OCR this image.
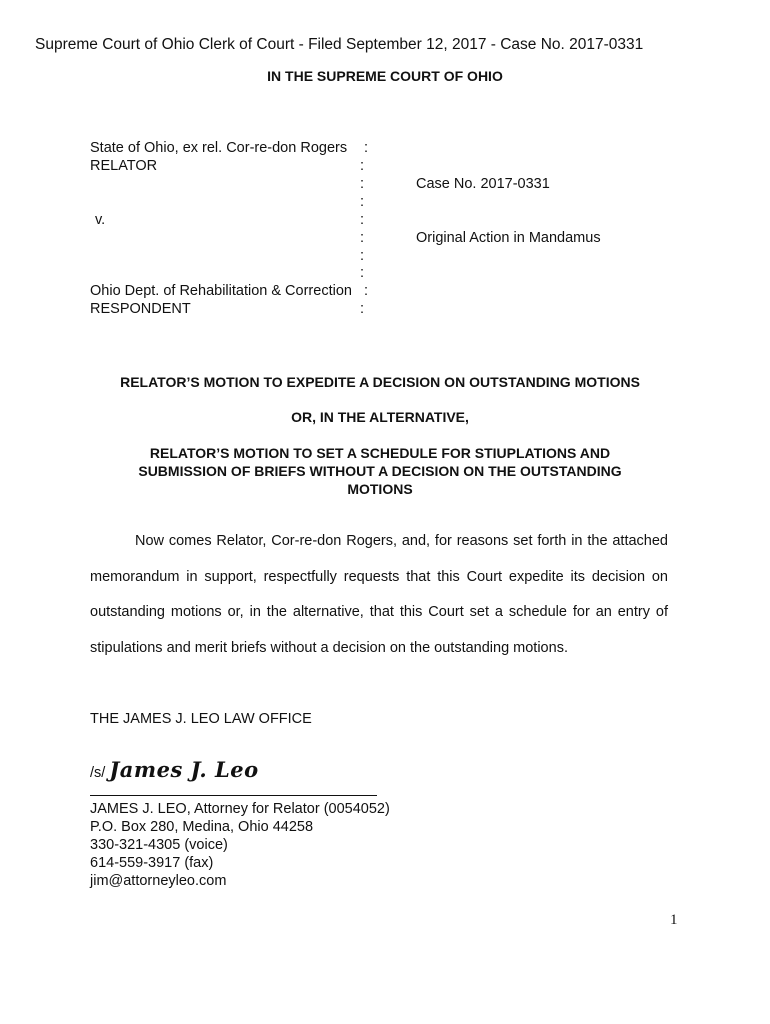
Supreme Court of Ohio Clerk of Court - Filed September 12, 2017 - Case No. 2017-0331
IN THE SUPREME COURT OF OHIO
State of Ohio, ex rel. Cor-re-don Rogers
RELATOR
v.
Ohio Dept. of Rehabilitation & Correction
RESPONDENT
:
:
:
:
:
:
:
:
:
:
Case No. 2017-0331
Original Action in Mandamus
RELATOR’S MOTION TO EXPEDITE A DECISION ON OUTSTANDING MOTIONS
OR, IN THE ALTERNATIVE,
RELATOR’S MOTION TO SET A SCHEDULE FOR STIUPLATIONS AND SUBMISSION OF BRIEFS WITHOUT A DECISION ON THE OUTSTANDING MOTIONS
Now comes Relator, Cor-re-don Rogers, and, for reasons set forth in the attached memorandum in support, respectfully requests that this Court expedite its decision on outstanding motions or, in the alternative, that this Court set a schedule for an entry of stipulations and merit briefs without a decision on the outstanding motions.
THE JAMES J. LEO LAW OFFICE
/s/ James J. Leo
JAMES J. LEO, Attorney for Relator (0054052)
P.O. Box 280, Medina, Ohio 44258
330-321-4305 (voice)
614-559-3917 (fax)
jim@attorneyleo.com
1
